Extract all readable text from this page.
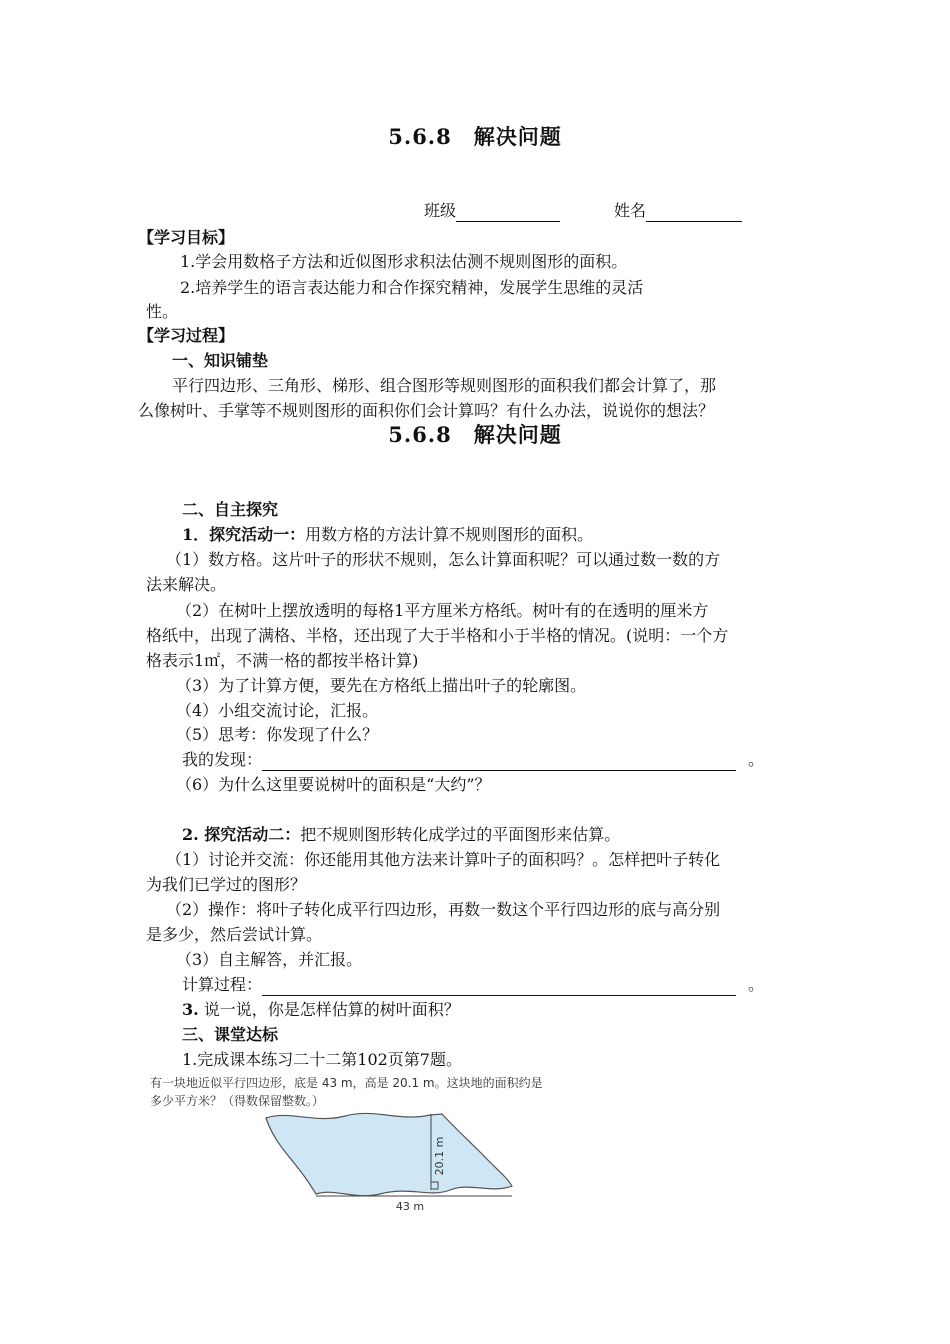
5.6.8　解决问题
班级	姓名
【学习目标】
1.学会用数格子方法和近似图形求积法估测不规则图形的面积。
2.培养学生的语言表达能力和合作探究精神，发展学生思维的灵活
性。
【学习过程】
一、知识铺垫
平行四边形、三角形、梯形、组合图形等规则图形的面积我们都会计算了，那
么像树叶、手掌等不规则图形的面积你们会计算吗？有什么办法，说说你的想法？
5.6.8　解决问题
二、自主探究
1．探究活动一：用数方格的方法计算不规则图形的面积。
（1）数方格。这片叶子的形状不规则，怎么计算面积呢？可以通过数一数的方
法来解决。
（2）在树叶上摆放透明的每格1平方厘米方格纸。树叶有的在透明的厘米方
格纸中，出现了满格、半格，还出现了大于半格和小于半格的情况。(说明：一个方
格表示1㎡，不满一格的都按半格计算)
（3）为了计算方便，要先在方格纸上描出叶子的轮廓图。
（4）小组交流讨论，汇报。
（5）思考：你发现了什么？
我的发现：	。
（6）为什么这里要说树叶的面积是“大约”？
2. 探究活动二：把不规则图形转化成学过的平面图形来估算。
（1）讨论并交流：你还能用其他方法来计算叶子的面积吗？。怎样把叶子转化
为我们已学过的图形？
（2）操作：将叶子转化成平行四边形，再数一数这个平行四边形的底与高分别
是多少，然后尝试计算。
（3）自主解答，并汇报。
计算过程：	。
3. 说一说，你是怎样估算的树叶面积？
三、课堂达标
1.完成课本练习二十二第102页第7题。
有一块地近似平行四边形，底是 43 m，高是 20.1 m。这块地的面积约是
多少平方米？（得数保留整数。）
20.1 m
43 m
